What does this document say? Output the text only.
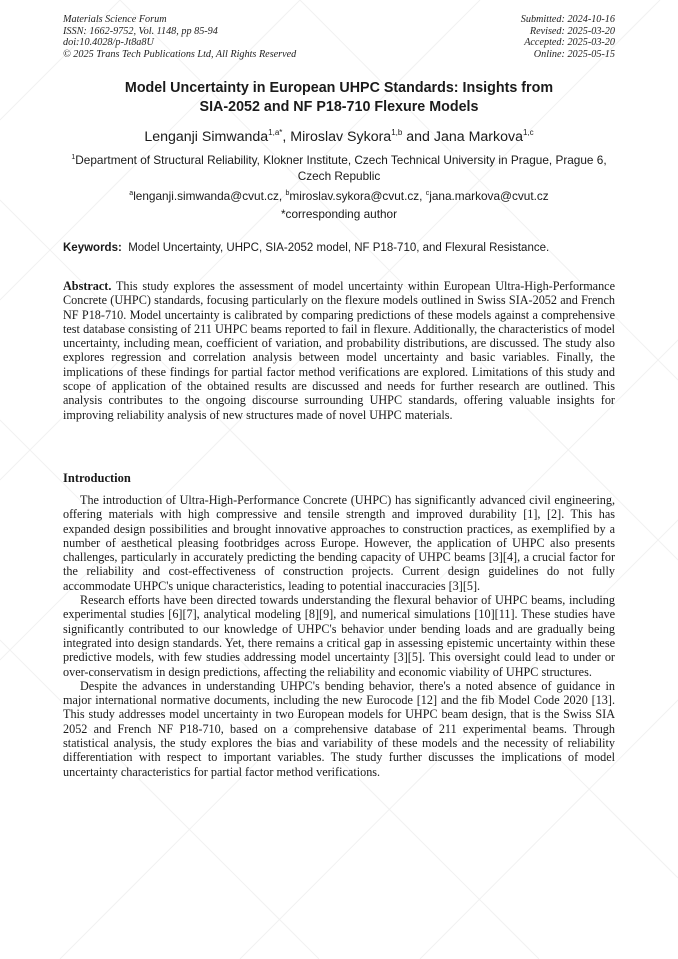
Materials Science Forum
ISSN: 1662-9752, Vol. 1148, pp 85-94
doi:10.4028/p-Jt8a8U
© 2025 Trans Tech Publications Ltd, All Rights Reserved
Submitted: 2024-10-16
Revised: 2025-03-20
Accepted: 2025-03-20
Online: 2025-05-15
Model Uncertainty in European UHPC Standards: Insights from
SIA-2052 and NF P18-710 Flexure Models
Lenganji Simwanda$^{1,a*}$, Miroslav Sykora$^{1,b}$ and Jana Markova$^{1,c}$
$^1$Department of Structural Reliability, Klokner Institute, Czech Technical University in Prague, Prague 6, Czech Republic
$^a$lenganji.simwanda@cvut.cz, $^b$miroslav.sykora@cvut.cz, $^c$jana.markova@cvut.cz
*corresponding author
Keywords: Model Uncertainty, UHPC, SIA-2052 model, NF P18-710, and Flexural Resistance.
Abstract. This study explores the assessment of model uncertainty within European Ultra-High-Performance Concrete (UHPC) standards, focusing particularly on the flexure models outlined in Swiss SIA-2052 and French NF P18-710. Model uncertainty is calibrated by comparing predictions of these models against a comprehensive test database consisting of 211 UHPC beams reported to fail in flexure. Additionally, the characteristics of model uncertainty, including mean, coefficient of variation, and probability distributions, are discussed. The study also explores regression and correlation analysis between model uncertainty and basic variables. Finally, the implications of these findings for partial factor method verifications are explored. Limitations of this study and scope of application of the obtained results are discussed and needs for further research are outlined. This analysis contributes to the ongoing discourse surrounding UHPC standards, offering valuable insights for improving reliability analysis of new structures made of novel UHPC materials.
Introduction

The introduction of Ultra-High-Performance Concrete (UHPC) has significantly advanced civil engineering, offering materials with high compressive and tensile strength and improved durability [1], [2]. This has expanded design possibilities and brought innovative approaches to construction practices, as exemplified by a number of aesthetical pleasing footbridges across Europe. However, the application of UHPC also presents challenges, particularly in accurately predicting the bending capacity of UHPC beams [3][4], a crucial factor for the reliability and cost-effectiveness of construction projects. Current design guidelines do not fully accommodate UHPC's unique characteristics, leading to potential inaccuracies [3][5].

Research efforts have been directed towards understanding the flexural behavior of UHPC beams, including experimental studies [6][7], analytical modeling [8][9], and numerical simulations [10][11]. These studies have significantly contributed to our knowledge of UHPC's behavior under bending loads and are gradually being integrated into design standards. Yet, there remains a critical gap in assessing epistemic uncertainty within these predictive models, with few studies addressing model uncertainty [3][5]. This oversight could lead to under or over-conservatism in design predictions, affecting the reliability and economic viability of UHPC structures.

Despite the advances in understanding UHPC's bending behavior, there's a noted absence of guidance in major international normative documents, including the new Eurocode [12] and the fib Model Code 2020 [13]. This study addresses model uncertainty in two European models for UHPC beam design, that is the Swiss SIA 2052 and French NF P18-710, based on a comprehensive database of 211 experimental beams. Through statistical analysis, the study explores the bias and variability of these models and the necessity of reliability differentiation with respect to important variables. The study further discusses the implications of model uncertainty characteristics for partial factor method verifications.
